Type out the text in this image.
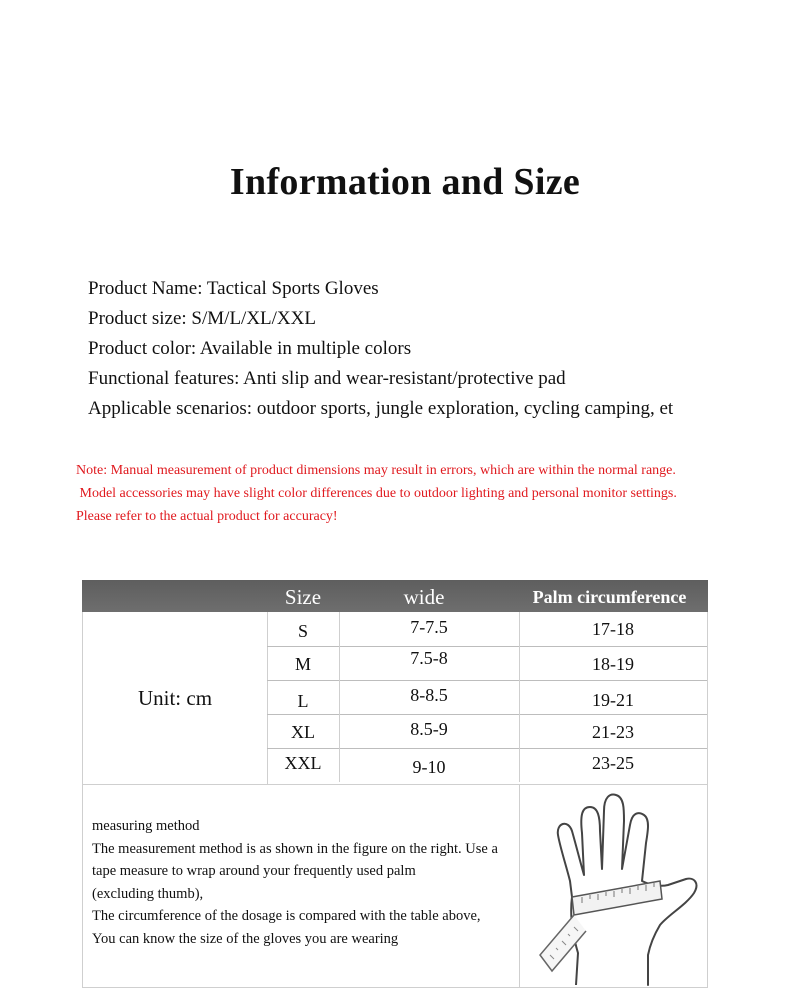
Information and Size
Product Name: Tactical Sports Gloves
Product size: S/M/L/XL/XXL
Product color: Available in multiple colors
Functional features: Anti slip and wear-resistant/protective pad
Applicable scenarios: outdoor sports, jungle exploration, cycling camping, et
Note: Manual measurement of product dimensions may result in errors, which are within the normal range.
Model accessories may have slight color differences due to outdoor lighting and personal monitor settings.
Please refer to the actual product for accuracy!
Size	wide	Palm circumference
Unit: cm
S	7-7.5	17-18
M	7.5-8	18-19
L	8-8.5	19-21
XL	8.5-9	21-23
XXL	9-10	23-25
measuring method
The measurement method is as shown in the figure on the right. Use a
tape measure to wrap around your frequently used palm
(excluding thumb),
The circumference of the dosage is compared with the table above,
You can know the size of the gloves you are wearing
